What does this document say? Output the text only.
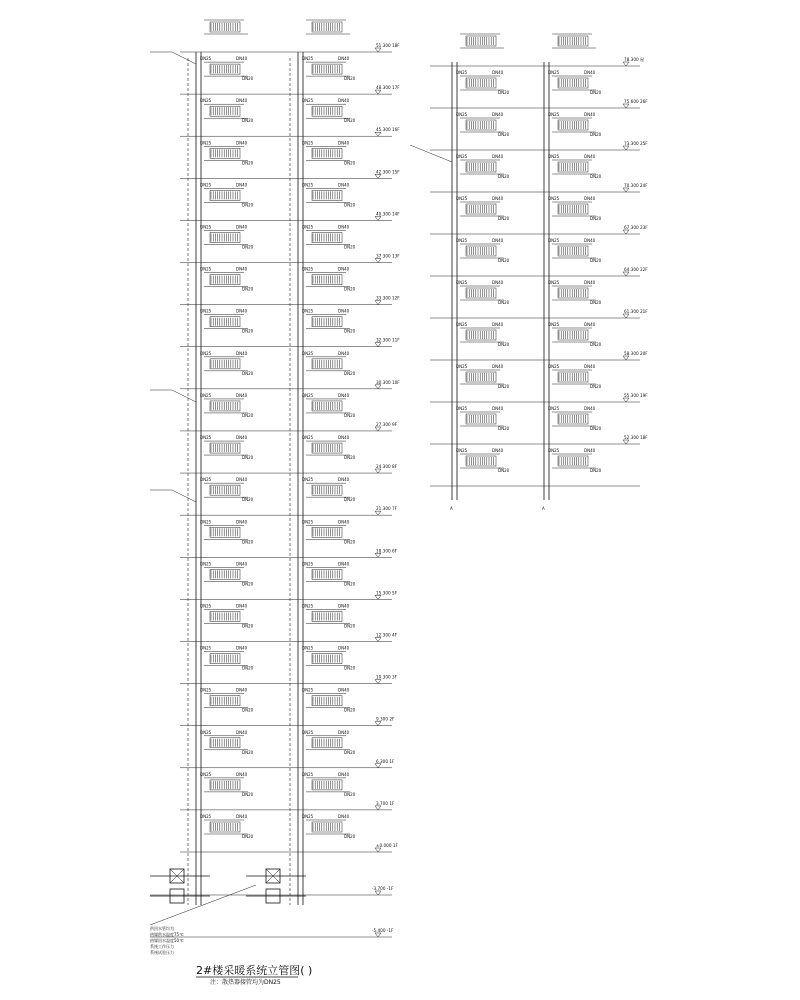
51.300 18F
DN25	DN40	DN25	DN40
DN20	DN20
48.300 17F
DN25	DN40	DN25	DN40
DN20	DN20
45.300 16F
DN25	DN40	DN25	DN40
DN20	DN20
42.300 15F
DN25	DN40	DN25	DN40
DN20	DN20
40.300 14F
DN25	DN40	DN25	DN40
DN20	DN20
37.300 13F
DN25	DN40	DN25	DN40
DN20	DN20
33.300 12F
DN25	DN40	DN25	DN40
DN20	DN20
32.300 11F
DN25	DN40	DN25	DN40
DN20	DN20
30.300 10F
DN25	DN40	DN25	DN40
DN20	DN20
27.300 9F
DN25	DN40	DN25	DN40
DN20	DN20
24.300 8F
DN25	DN40	DN25	DN40
DN20	DN20
21.300 7F
DN25	DN40	DN25	DN40
DN20	DN20
18.300 6F
DN25	DN40	DN25	DN40
DN20	DN20
15.300 5F
DN25	DN40	DN25	DN40
DN20	DN20
12.300 4F
DN25	DN40	DN25	DN40
DN20	DN20
10.300 3F
DN25	DN40	DN25	DN40
DN20	DN20
9.300 2F
DN25	DN40	DN25	DN40
DN20	DN20
6.300 1F
DN25	DN40	DN25	DN40
DN20	DN20
3.700 1F
DN25	DN40	DN25	DN40
DN20	DN20
±0.000 1F
-3.700 -1F
-5.400 -1F
78.300 屋
DN25	DN40	DN25	DN40
DN20	DN20
75.600 26F
DN25	DN40	DN25	DN40
DN20	DN20
73.300 25F
DN25	DN40	DN25	DN40
DN20	DN20
70.300 24F
DN25	DN40	DN25	DN40
DN20	DN20
67.300 23F
DN25	DN40	DN25	DN40
DN20	DN20
64.300 22F
DN25	DN40	DN25	DN40
DN20	DN20
61.300 21F
DN25	DN40	DN25	DN40
DN20	DN20
58.300 20F
DN25	DN40	DN25	DN40
DN20	DN20
55.300 19F
DN25	DN40	DN25	DN40
DN20	DN20
52.300 18F
DN25	DN40	DN25	DN40
DN20	DN20
A	A
2#楼采暖系统立管图( )
注：散热器接管均为DN25
供回水管均为
热媒供水温度75℃
热媒回水温度50℃
系统工作压力
系统试验压力
